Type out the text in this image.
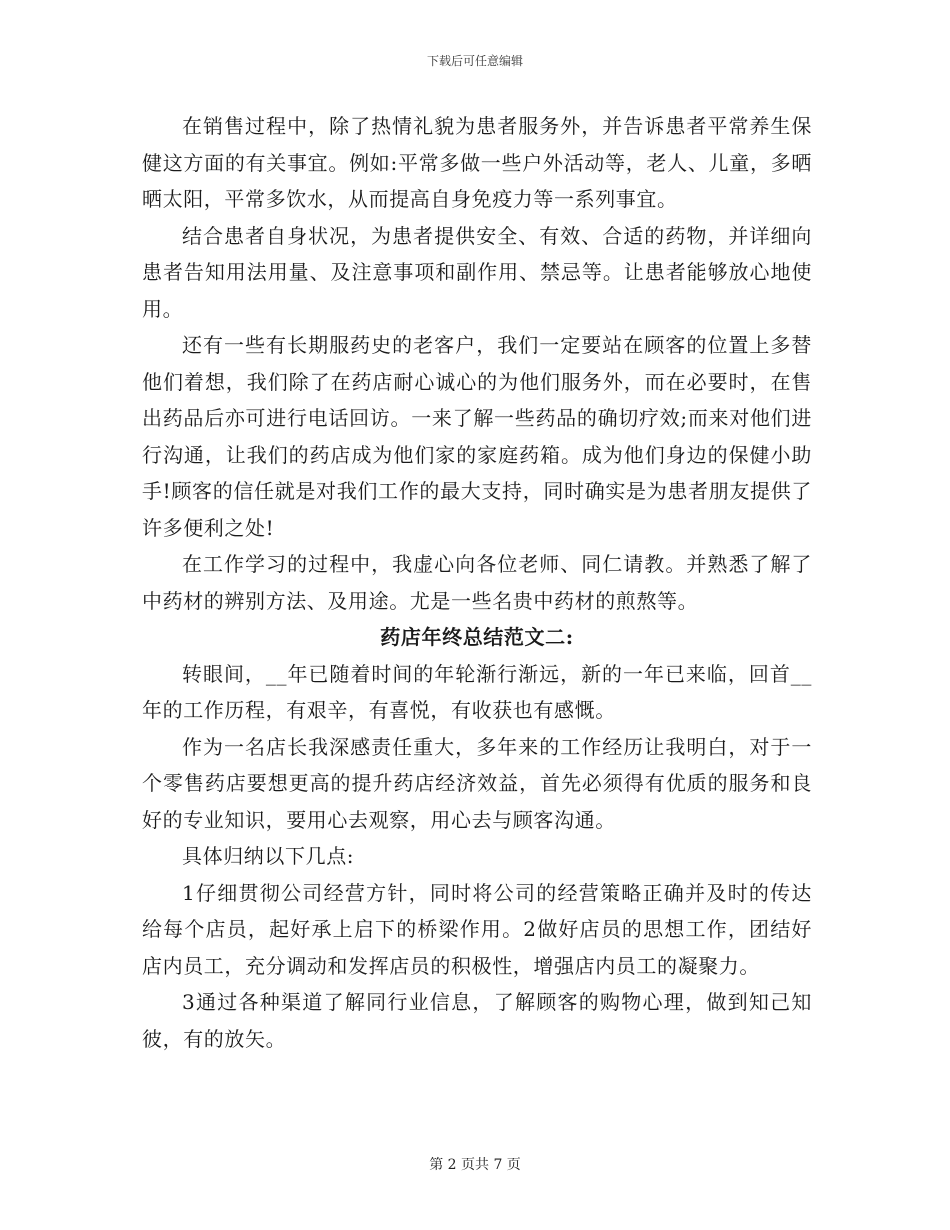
下载后可任意编辑

在销售过程中，除了热情礼貌为患者服务外，并告诉患者平常养生保健这方面的有关事宜。例如:平常多做一些户外活动等，老人、儿童，多晒晒太阳，平常多饮水，从而提高自身免疫力等一系列事宜。

结合患者自身状况，为患者提供安全、有效、合适的药物，并详细向患者告知用法用量、及注意事项和副作用、禁忌等。让患者能够放心地使用。

还有一些有长期服药史的老客户，我们一定要站在顾客的位置上多替他们着想，我们除了在药店耐心诚心的为他们服务外，而在必要时，在售出药品后亦可进行电话回访。一来了解一些药品的确切疗效;而来对他们进行沟通，让我们的药店成为他们家的家庭药箱。成为他们身边的保健小助手!顾客的信任就是对我们工作的最大支持，同时确实是为患者朋友提供了许多便利之处!

在工作学习的过程中，我虚心向各位老师、同仁请教。并熟悉了解了中药材的辨别方法、及用途。尤是一些名贵中药材的煎熬等。

药店年终总结范文二:

转眼间，__年已随着时间的年轮渐行渐远，新的一年已来临，回首__年的工作历程，有艰辛，有喜悦，有收获也有感慨。

作为一名店长我深感责任重大，多年来的工作经历让我明白，对于一个零售药店要想更高的提升药店经济效益，首先必须得有优质的服务和良好的专业知识，要用心去观察，用心去与顾客沟通。

具体归纳以下几点:

1仔细贯彻公司经营方针，同时将公司的经营策略正确并及时的传达给每个店员，起好承上启下的桥梁作用。2做好店员的思想工作，团结好店内员工，充分调动和发挥店员的积极性，增强店内员工的凝聚力。

3通过各种渠道了解同行业信息，了解顾客的购物心理，做到知己知彼，有的放矢。

第 2 页共 7 页
